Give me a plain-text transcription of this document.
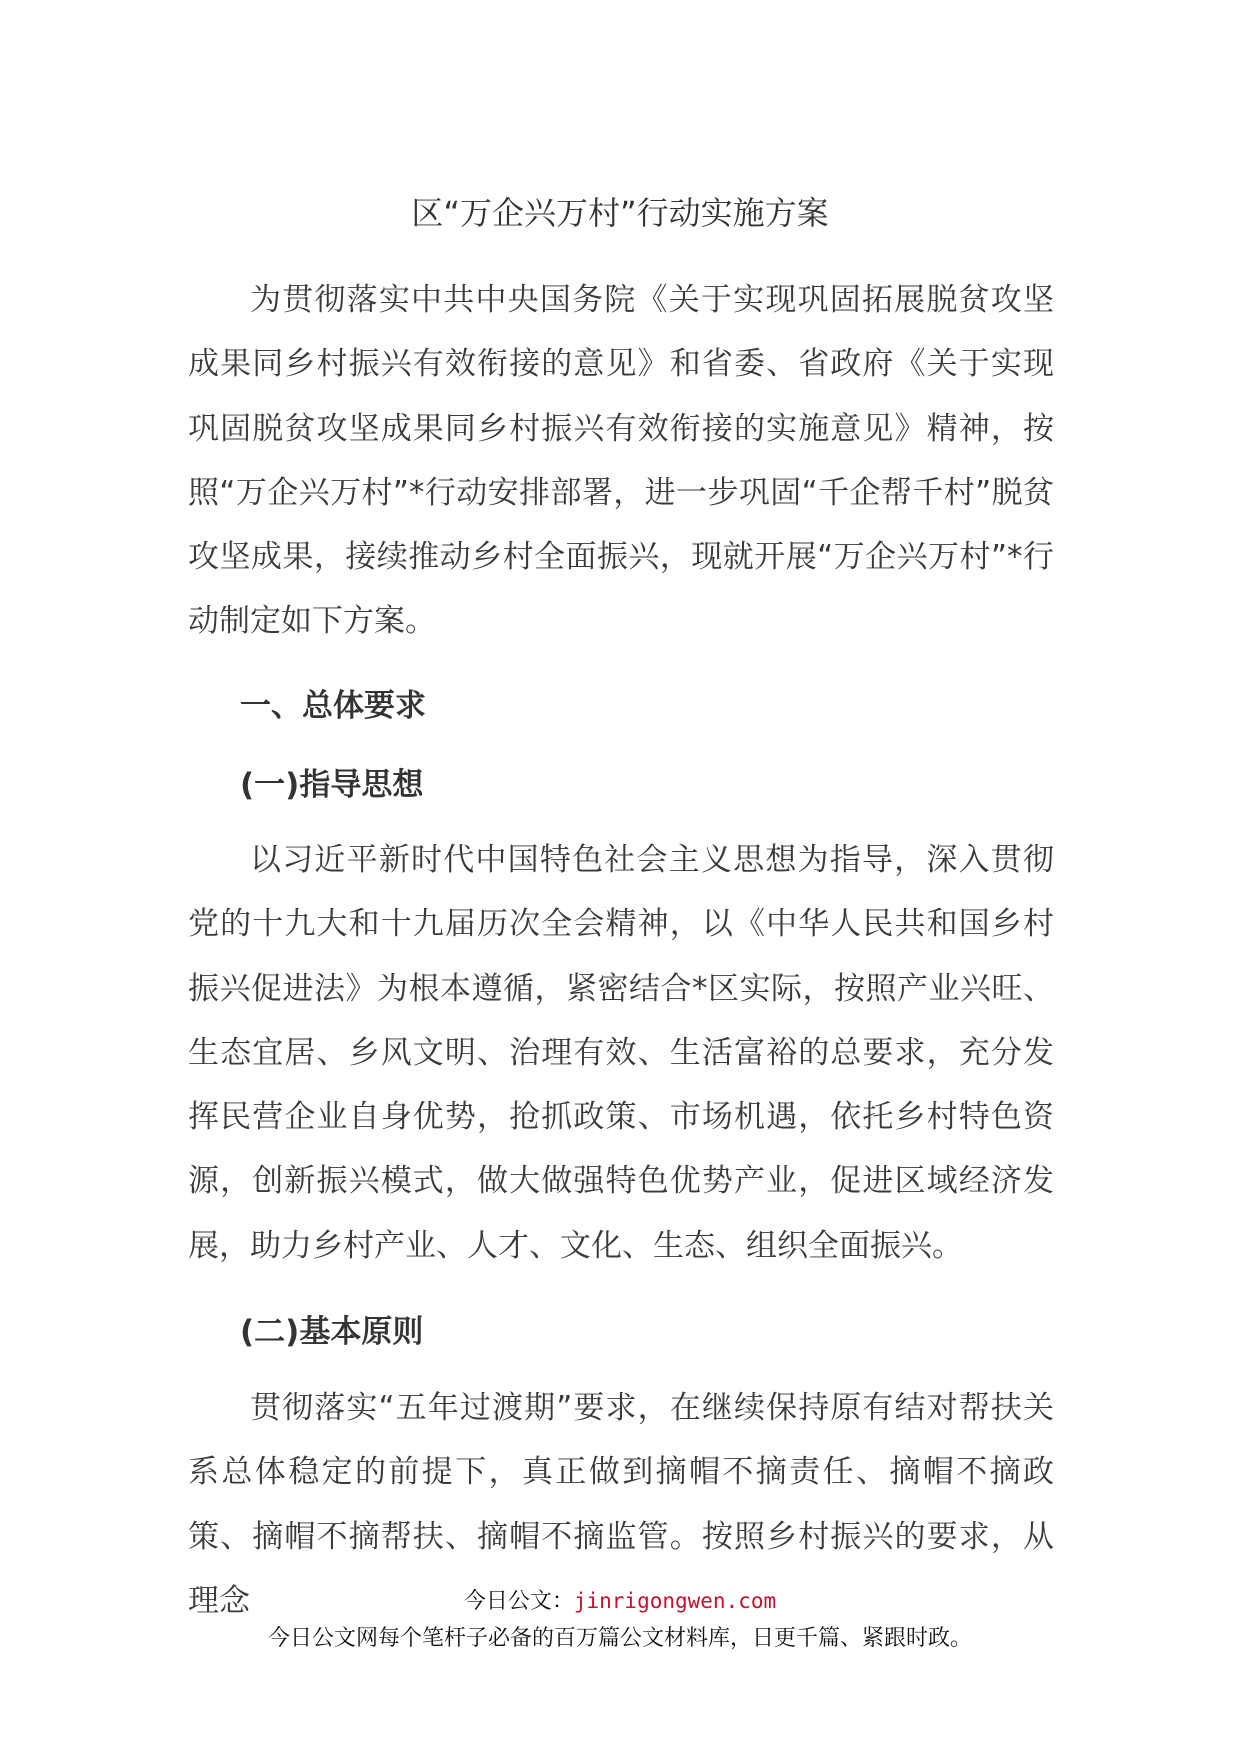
区“万企兴万村”行动实施方案

为贯彻落实中共中央国务院《关于实现巩固拓展脱贫攻坚成果同乡村振兴有效衔接的意见》和省委、省政府《关于实现巩固脱贫攻坚成果同乡村振兴有效衔接的实施意见》精神，按照“万企兴万村”*行动安排部署，进一步巩固“千企帮千村”脱贫攻坚成果，接续推动乡村全面振兴，现就开展“万企兴万村”*行动制定如下方案。

一、总体要求
(一)指导思想

以习近平新时代中国特色社会主义思想为指导，深入贯彻党的十九大和十九届历次全会精神，以《中华人民共和国乡村振兴促进法》为根本遵循，紧密结合*区实际，按照产业兴旺、生态宜居、乡风文明、治理有效、生活富裕的总要求，充分发挥民营企业自身优势，抢抓政策、市场机遇，依托乡村特色资源，创新振兴模式，做大做强特色优势产业，促进区域经济发展，助力乡村产业、人才、文化、生态、组织全面振兴。

(二)基本原则

贯彻落实“五年过渡期”要求，在继续保持原有结对帮扶关系总体稳定的前提下，真正做到摘帽不摘责任、摘帽不摘政策、摘帽不摘帮扶、摘帽不摘监管。按照乡村振兴的要求，从理念	今日公文：jinrigongwen.com
今日公文网每个笔杆子必备的百万篇公文材料库，日更千篇、紧跟时政。
